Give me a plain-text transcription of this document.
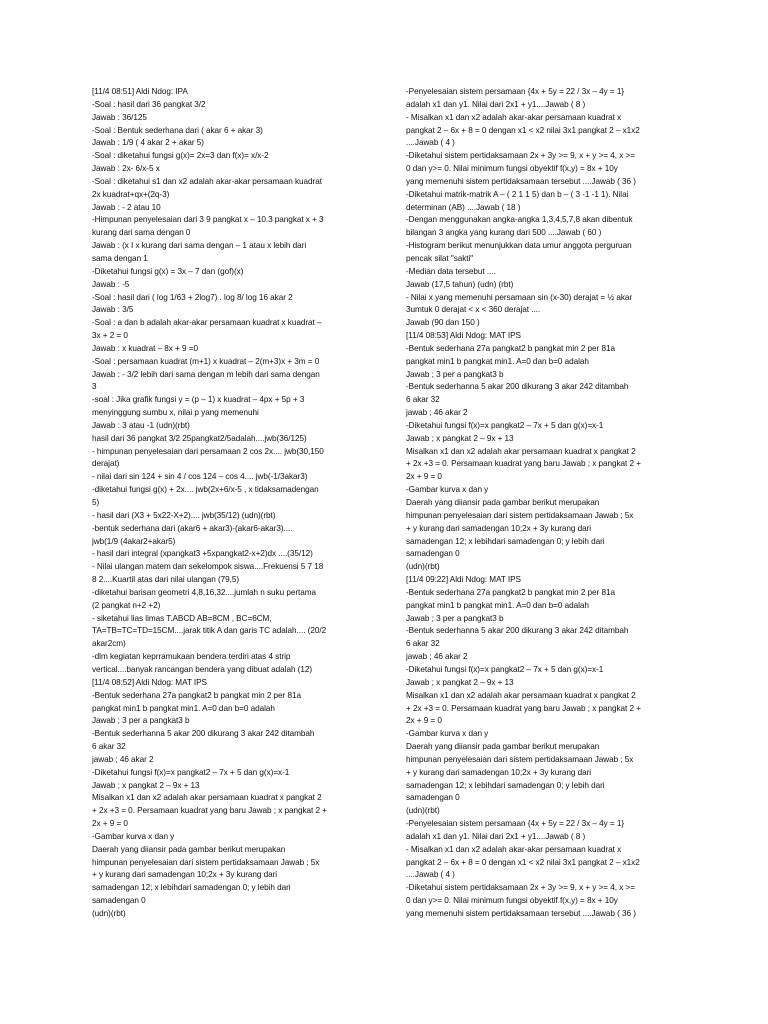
[11/4 08:51] Aldi Ndog: IPA
-Soal : hasil dari 36 pangkat 3/2
Jawab : 36/125
-Soal : Bentuk sederhana dari ( akar 6 + akar 3)
Jawab : 1/9 ( 4 akar 2 + akar 5)
-Soal : diketahui fungsi g(x)= 2x=3 dan f(x)= x/x-2
Jawab : 2x- 6/x-5 x
-Soal : diketahui s1 dan x2 adalah akar-akar persamaan kuadrat
2x kuadrat+qx+(2q-3)
Jawab : - 2 atau 10
-Himpunan penyelesaian dari 3 9 pangkat x – 10.3 pangkat x + 3
kurang dari sama dengan 0
Jawab : (x I x kurang dari sama dengan – 1 atau x lebih dari
sama dengan 1
-Diketahui fungsi g(x) = 3x – 7 dan (gof)(x)
Jawab : -5
-Soal : hasil dari ( log 1/63 + 2log7) . log 8/ log 16 akar 2
Jawab : 3/5
-Soal : a dan b adalah akar-akar persamaan kuadrat x kuadrat –
3x + 2 = 0
Jawab : x kuadrat – 8x + 9 =0
-Soal : persamaan kuadrat (m+1) x kuadrat – 2(m+3)x + 3m = 0
Jawab : - 3/2 lebih dari sama dengan m lebih dari sama dengan
3
-soal : Jika grafik fungsi y = (p – 1) x kuadrat – 4px + 5p + 3
menyinggung sumbu x, nilai p yang memenuhi
Jawab : 3 atau -1 (udn)(rbt)
hasil dari 36 pangkat 3/2 25pangkat2/5adalah....jwb(36/125)
- himpunan penyelesaian dari persamaan 2 cos 2x.... jwb(30,150
derajat)
- nilai dari sin 124 + sin 4 / cos 124 – cos 4.... jwb(-1/3akar3)
-diketahui fungsi g(x) + 2x.... jwb(2x+6/x-5 , x tidaksamadengan
5)
- hasil dari (X3 + 5x22-X+2).... jwb(35/12) (udn)(rbt)
-bentuk sederhana dari (akar6 + akar3)-(akar6-akar3)....
jwb(1/9 (4akar2+akar5)
- hasil dari integral (xpangkat3 +5xpangkat2-x+2)dx ....(35/12)
- Nilai ulangan matem dan sekelompok siswa....Frekuensi 5 7 18
8 2....Kuartil atas dari nilai ulangan (79,5)
-diketahui barisan geometri 4,8,16,32....jumlah n suku pertama
(2 pangkat n+2 +2)
- siketahui lias limas T.ABCD AB=8CM , BC=6CM,
TA=TB=TC=TD=15CM....jarak titik A dan garis TC adalah.... (20/2
akar2cm)
-dlm kegiatan keprramukaan bendera terdiri atas 4 strip
vertical....banyak rancangan bendera yang dibuat adalah (12)
[11/4 08:52] Aldi Ndog: MAT IPS
-Bentuk sederhana 27a pangkat2 b pangkat min 2 per 81a
pangkat min1 b pangkat min1. A=0 dan b=0 adalah
Jawab ; 3 per a pangkat3 b
-Bentuk sederhanna 5 akar 200 dikurang 3 akar 242 ditambah
6 akar 32
jawab ; 46 akar 2
-Diketahui fungsi f(x)=x pangkat2 – 7x + 5 dan g(x)=x-1
Jawab ; x pangkat 2 – 9x + 13
Misalkan x1 dan x2 adalah akar persamaan kuadrat x pangkat 2
+ 2x +3 = 0. Persamaan kuadrat yang baru Jawab ; x pangkat 2 +
2x + 9 = 0
-Gambar kurva x dan y
Daerah yang diiansir pada gambar berikut merupakan
himpunan penyelesaian dari sistem pertidaksamaan Jawab ; 5x
+ y kurang dari samadengan 10;2x + 3y kurang dari
samadengan 12; x lebihdari samadengan 0; y lebih dari
samadengan 0
(udn)(rbt)
-Penyelesaian sistem persamaan {4x + 5y = 22 / 3x – 4y = 1}
adalah x1 dan y1. Nilai dari 2x1 + y1....Jawab ( 8 )
- Misalkan x1 dan x2 adalah akar-akar persamaan kuadrat x
pangkat 2 – 6x + 8 = 0 dengan x1 < x2 nilai 3x1 pangkat 2 – x1x2
....Jawab ( 4 )
-Diketahui sistem pertidaksamaan 2x + 3y >= 9, x + y >= 4, x >=
0 dan y>= 0. Nilai minimum fungsi obyektif f(x,y) = 8x + 10y
yang memenuhi sistem pertidaksamaan tersebut ....Jawab ( 36 )
-Diketahui matrik-matrik A – ( 2 1 1 5) dan b – ( 3 -1 -1 1). Nilai
determinan (AB) ....Jawab ( 18 )
-Dengan menggunakan angka-angka 1,3,4,5,7,8 akan dibentuk
bilangan 3 angka yang kurang dari 500 ....Jawab ( 60 )
-Histogram berikut menunjukkan data umur anggota perguruan
pencak silat "sakti"
-Median data tersebut ....
Jawab (17,5 tahun) (udn) (rbt)
- Nilai x yang memenuhi persamaan sin (x-30) derajat = ½ akar
3umtuk 0 derajat < x < 360 derajat ....
Jawab (90 dan 150 )
[11/4 08:53] Aldi Ndog: MAT IPS
-Bentuk sederhana 27a pangkat2 b pangkat min 2 per 81a
pangkat min1 b pangkat min1. A=0 dan b=0 adalah
Jawab ; 3 per a pangkat3 b
-Bentuk sederhanna 5 akar 200 dikurang 3 akar 242 ditambah
6 akar 32
jawab ; 46 akar 2
-Diketahui fungsi f(x)=x pangkat2 – 7x + 5 dan g(x)=x-1
Jawab ; x pangkat 2 – 9x + 13
Misalkan x1 dan x2 adalah akar persamaan kuadrat x pangkat 2
+ 2x +3 = 0. Persamaan kuadrat yang baru Jawab ; x pangkat 2 +
2x + 9 = 0
-Gambar kurva x dan y
Daerah yang diiansir pada gambar berikut merupakan
himpunan penyelesaian dari sistem pertidaksamaan Jawab ; 5x
+ y kurang dari samadengan 10;2x + 3y kurang dari
samadengan 12; x lebihdari samadengan 0; y lebih dari
samadengan 0
(udn)(rbt)
[11/4 09:22] Aldi Ndog: MAT IPS
-Bentuk sederhana 27a pangkat2 b pangkat min 2 per 81a
pangkat min1 b pangkat min1. A=0 dan b=0 adalah
Jawab ; 3 per a pangkat3 b
-Bentuk sederhanna 5 akar 200 dikurang 3 akar 242 ditambah
6 akar 32
jawab ; 46 akar 2
-Diketahui fungsi f(x)=x pangkat2 – 7x + 5 dan g(x)=x-1
Jawab ; x pangkat 2 – 9x + 13
Misalkan x1 dan x2 adalah akar persamaan kuadrat x pangkat 2
+ 2x +3 = 0. Persamaan kuadrat yang baru Jawab ; x pangkat 2 +
2x + 9 = 0
-Gambar kurva x dan y
Daerah yang diiansir pada gambar berikut merupakan
himpunan penyelesaian dari sistem pertidaksamaan Jawab ; 5x
+ y kurang dari samadengan 10;2x + 3y kurang dari
samadengan 12; x lebihdari samadengan 0; y lebih dari
samadengan 0
(udn)(rbt)
-Penyelesaian sistem persamaan {4x + 5y = 22 / 3x – 4y = 1}
adalah x1 dan y1. Nilai dari 2x1 + y1....Jawab ( 8 )
- Misalkan x1 dan x2 adalah akar-akar persamaan kuadrat x
pangkat 2 – 6x + 8 = 0 dengan x1 < x2 nilai 3x1 pangkat 2 – x1x2
....Jawab ( 4 )
-Diketahui sistem pertidaksamaan 2x + 3y >= 9, x + y >= 4, x >=
0 dan y>= 0. Nilai minimum fungsi obyektif f(x,y) = 8x + 10y
yang memenuhi sistem pertidaksamaan tersebut ....Jawab ( 36 )
